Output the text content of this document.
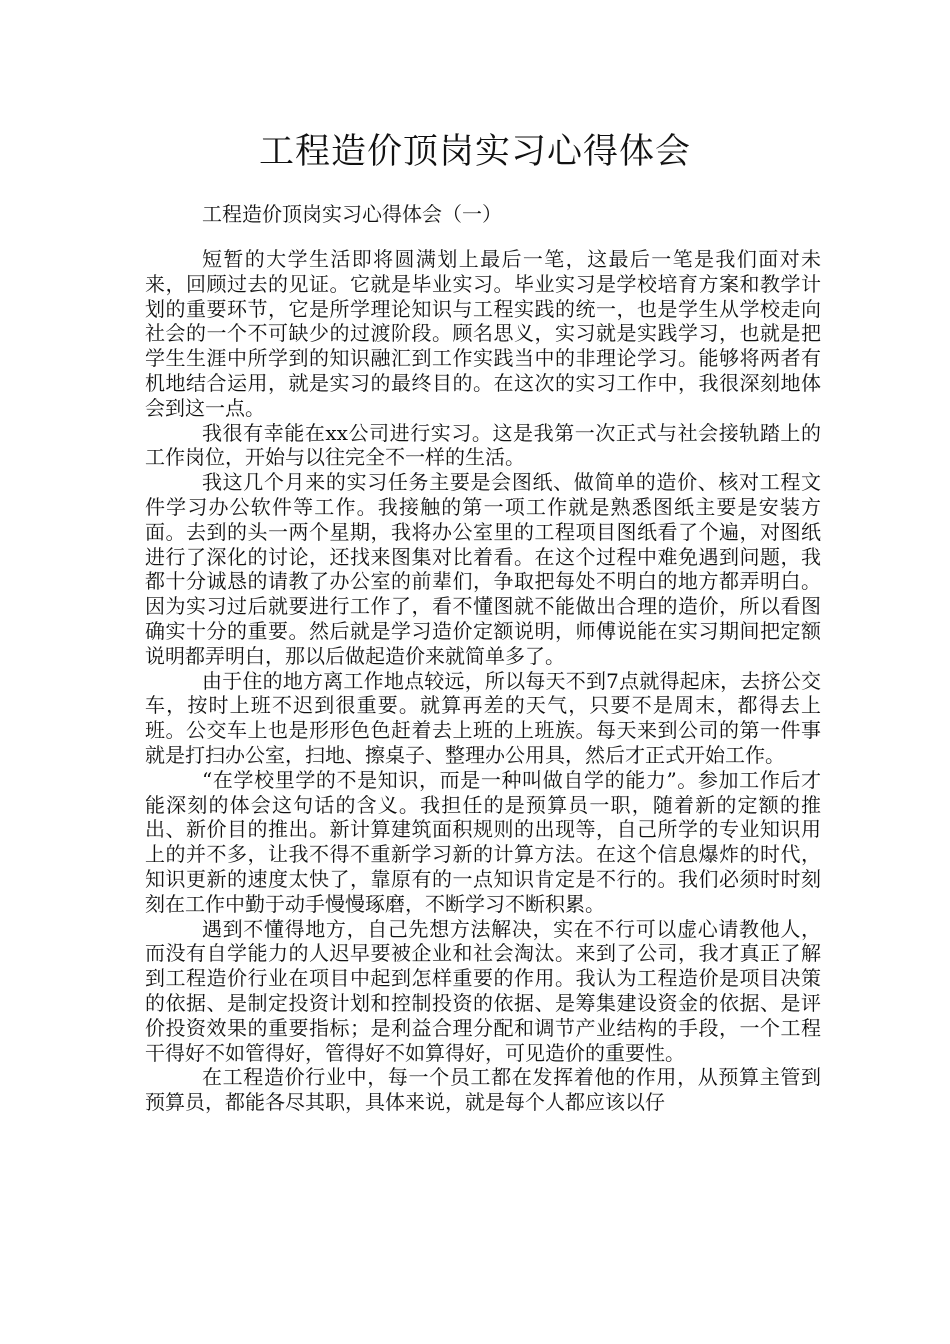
工程造价顶岗实习心得体会
工程造价顶岗实习心得体会（一）

短暂的大学生活即将圆满划上最后一笔，这最后一笔是我们面对未来，回顾过去的见证。它就是毕业实习。毕业实习是学校培育方案和教学计划的重要环节，它是所学理论知识与工程实践的统一，也是学生从学校走向社会的一个不可缺少的过渡阶段。顾名思义，实习就是实践学习，也就是把学生生涯中所学到的知识融汇到工作实践当中的非理论学习。能够将两者有机地结合运用，就是实习的最终目的。在这次的实习工作中，我很深刻地体会到这一点。

我很有幸能在xx公司进行实习。这是我第一次正式与社会接轨踏上的工作岗位，开始与以往完全不一样的生活。

我这几个月来的实习任务主要是会图纸、做简单的造价、核对工程文件学习办公软件等工作。我接触的第一项工作就是熟悉图纸主要是安装方面。去到的头一两个星期，我将办公室里的工程项目图纸看了个遍，对图纸进行了深化的讨论，还找来图集对比着看。在这个过程中难免遇到问题，我都十分诚恳的请教了办公室的前辈们，争取把每处不明白的地方都弄明白。因为实习过后就要进行工作了，看不懂图就不能做出合理的造价，所以看图确实十分的重要。然后就是学习造价定额说明，师傅说能在实习期间把定额说明都弄明白，那以后做起造价来就简单多了。

由于住的地方离工作地点较远，所以每天不到7点就得起床，去挤公交车，按时上班不迟到很重要。就算再差的天气，只要不是周末，都得去上班。公交车上也是形形色色赶着去上班的上班族。每天来到公司的第一件事就是打扫办公室，扫地、擦桌子、整理办公用具，然后才正式开始工作。

“在学校里学的不是知识，而是一种叫做自学的能力”。参加工作后才能深刻的体会这句话的含义。我担任的是预算员一职，随着新的定额的推出、新价目的推出。新计算建筑面积规则的出现等，自己所学的专业知识用上的并不多，让我不得不重新学习新的计算方法。在这个信息爆炸的时代，知识更新的速度太快了，靠原有的一点知识肯定是不行的。我们必须时时刻刻在工作中勤于动手慢慢琢磨，不断学习不断积累。

遇到不懂得地方，自己先想方法解决，实在不行可以虚心请教他人，而没有自学能力的人迟早要被企业和社会淘汰。来到了公司，我才真正了解到工程造价行业在项目中起到怎样重要的作用。我认为工程造价是项目决策的依据、是制定投资计划和控制投资的依据、是筹集建设资金的依据、是评价投资效果的重要指标；是利益合理分配和调节产业结构的手段，一个工程干得好不如管得好，管得好不如算得好，可见造价的重要性。

在工程造价行业中，每一个员工都在发挥着他的作用，从预算主管到预算员，都能各尽其职，具体来说，就是每个人都应该以仔
